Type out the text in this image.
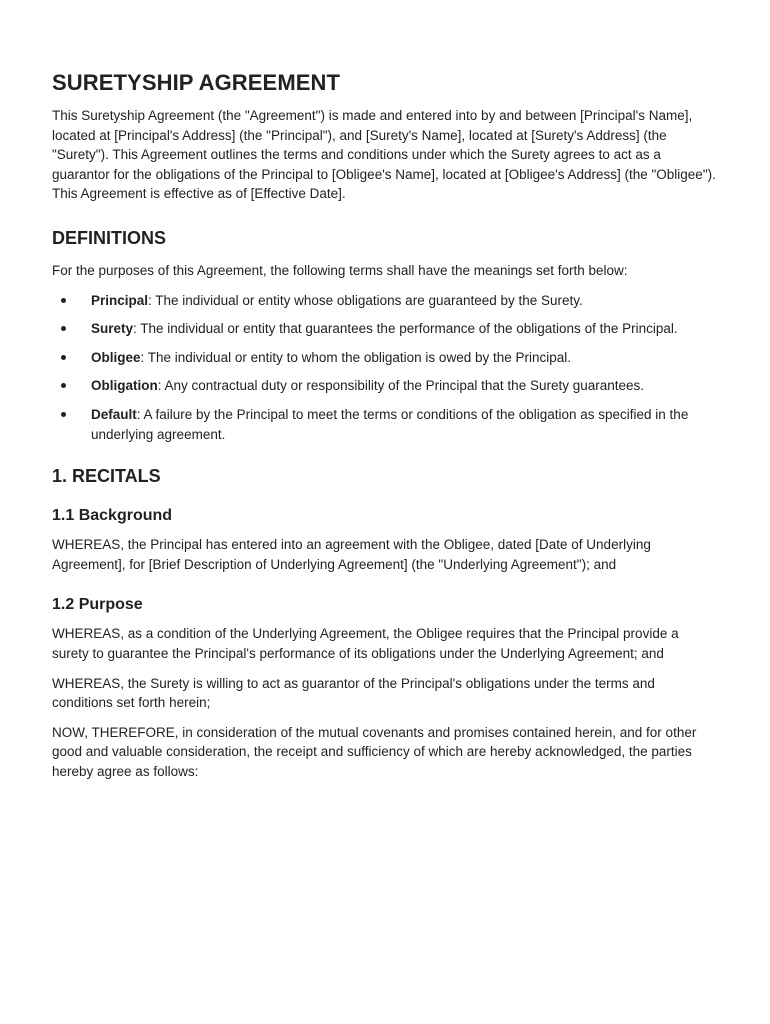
SURETYSHIP AGREEMENT

This Suretyship Agreement (the "Agreement") is made and entered into by and between [Principal's Name], located at [Principal's Address] (the "Principal"), and [Surety's Name], located at [Surety's Address] (the "Surety"). This Agreement outlines the terms and conditions under which the Surety agrees to act as a guarantor for the obligations of the Principal to [Obligee's Name], located at [Obligee's Address] (the "Obligee"). This Agreement is effective as of [Effective Date].

DEFINITIONS

For the purposes of this Agreement, the following terms shall have the meanings set forth below:

Principal: The individual or entity whose obligations are guaranteed by the Surety.
Surety: The individual or entity that guarantees the performance of the obligations of the Principal.
Obligee: The individual or entity to whom the obligation is owed by the Principal.
Obligation: Any contractual duty or responsibility of the Principal that the Surety guarantees.
Default: A failure by the Principal to meet the terms or conditions of the obligation as specified in the underlying agreement.
1. RECITALS
1.1 Background

WHEREAS, the Principal has entered into an agreement with the Obligee, dated [Date of Underlying Agreement], for [Brief Description of Underlying Agreement] (the "Underlying Agreement"); and

1.2 Purpose

WHEREAS, as a condition of the Underlying Agreement, the Obligee requires that the Principal provide a surety to guarantee the Principal's performance of its obligations under the Underlying Agreement; and

WHEREAS, the Surety is willing to act as guarantor of the Principal's obligations under the terms and conditions set forth herein;

NOW, THEREFORE, in consideration of the mutual covenants and promises contained herein, and for other good and valuable consideration, the receipt and sufficiency of which are hereby acknowledged, the parties hereby agree as follows:
